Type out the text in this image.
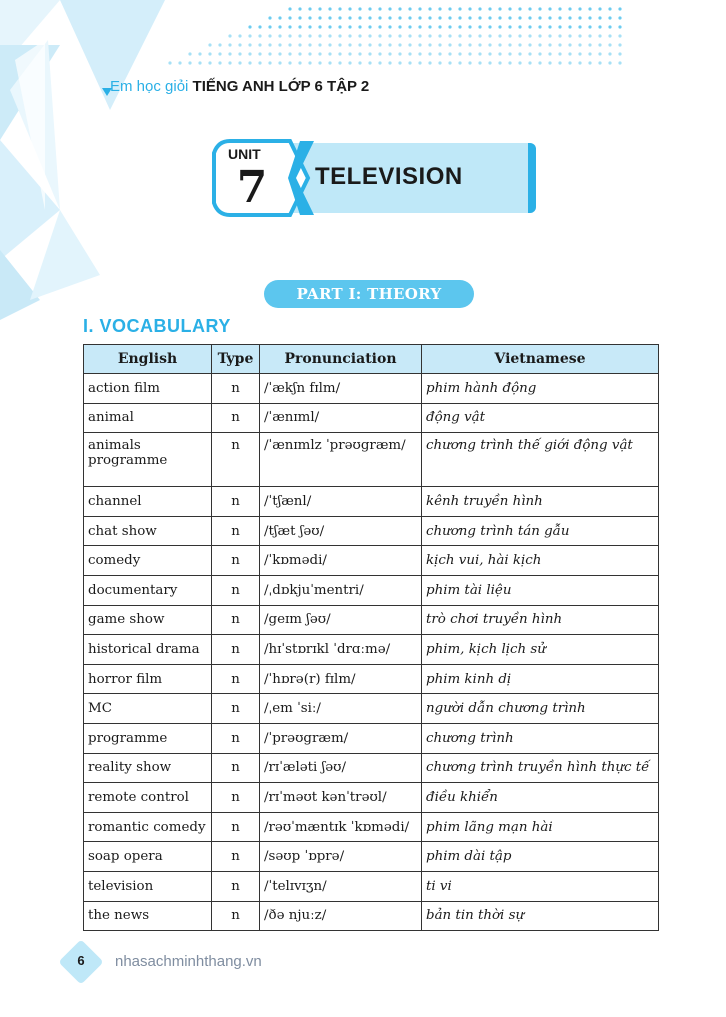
Em học giỏi TIẾNG ANH LỚP 6 TẬP 2
UNIT
7	TELEVISION
PART I: THEORY
I. VOCABULARY
English	Type	Pronunciation	Vietnamese
action film	n	/ˈækʃn fɪlm/	phim hành động
animal	n	/ˈænɪml/	động vật
animals programme	n	/ˈænɪmlz ˈprəʊgræm/	chương trình thế giới động vật
channel	n	/ˈtʃænl/	kênh truyền hình
chat show	n	/tʃæt ʃəʊ/	chương trình tán gẫu
comedy	n	/ˈkɒmədi/	kịch vui, hài kịch
documentary	n	/ˌdɒkjuˈmentri/	phim tài liệu
game show	n	/geɪm ʃəʊ/	trò chơi truyền hình
historical drama	n	/hɪˈstɒrɪkl ˈdrɑːmə/	phim, kịch lịch sử
horror film	n	/ˈhɒrə(r) fɪlm/	phim kinh dị
MC	n	/ˌem ˈsiː/	người dẫn chương trình
programme	n	/ˈprəʊgræm/	chương trình
reality show	n	/rɪˈæləti ʃəʊ/	chương trình truyền hình thực tế
remote control	n	/rɪˈməʊt kənˈtrəʊl/	điều khiển
romantic comedy	n	/rəʊˈmæntɪk ˈkɒmədi/	phim lãng mạn hài
soap opera	n	/səʊp ˈɒprə/	phim dài tập
television	n	/ˈtelɪvɪʒn/	ti vi
the news	n	/ðə njuːz/	bản tin thời sự
6	nhasachminhthang.vn
